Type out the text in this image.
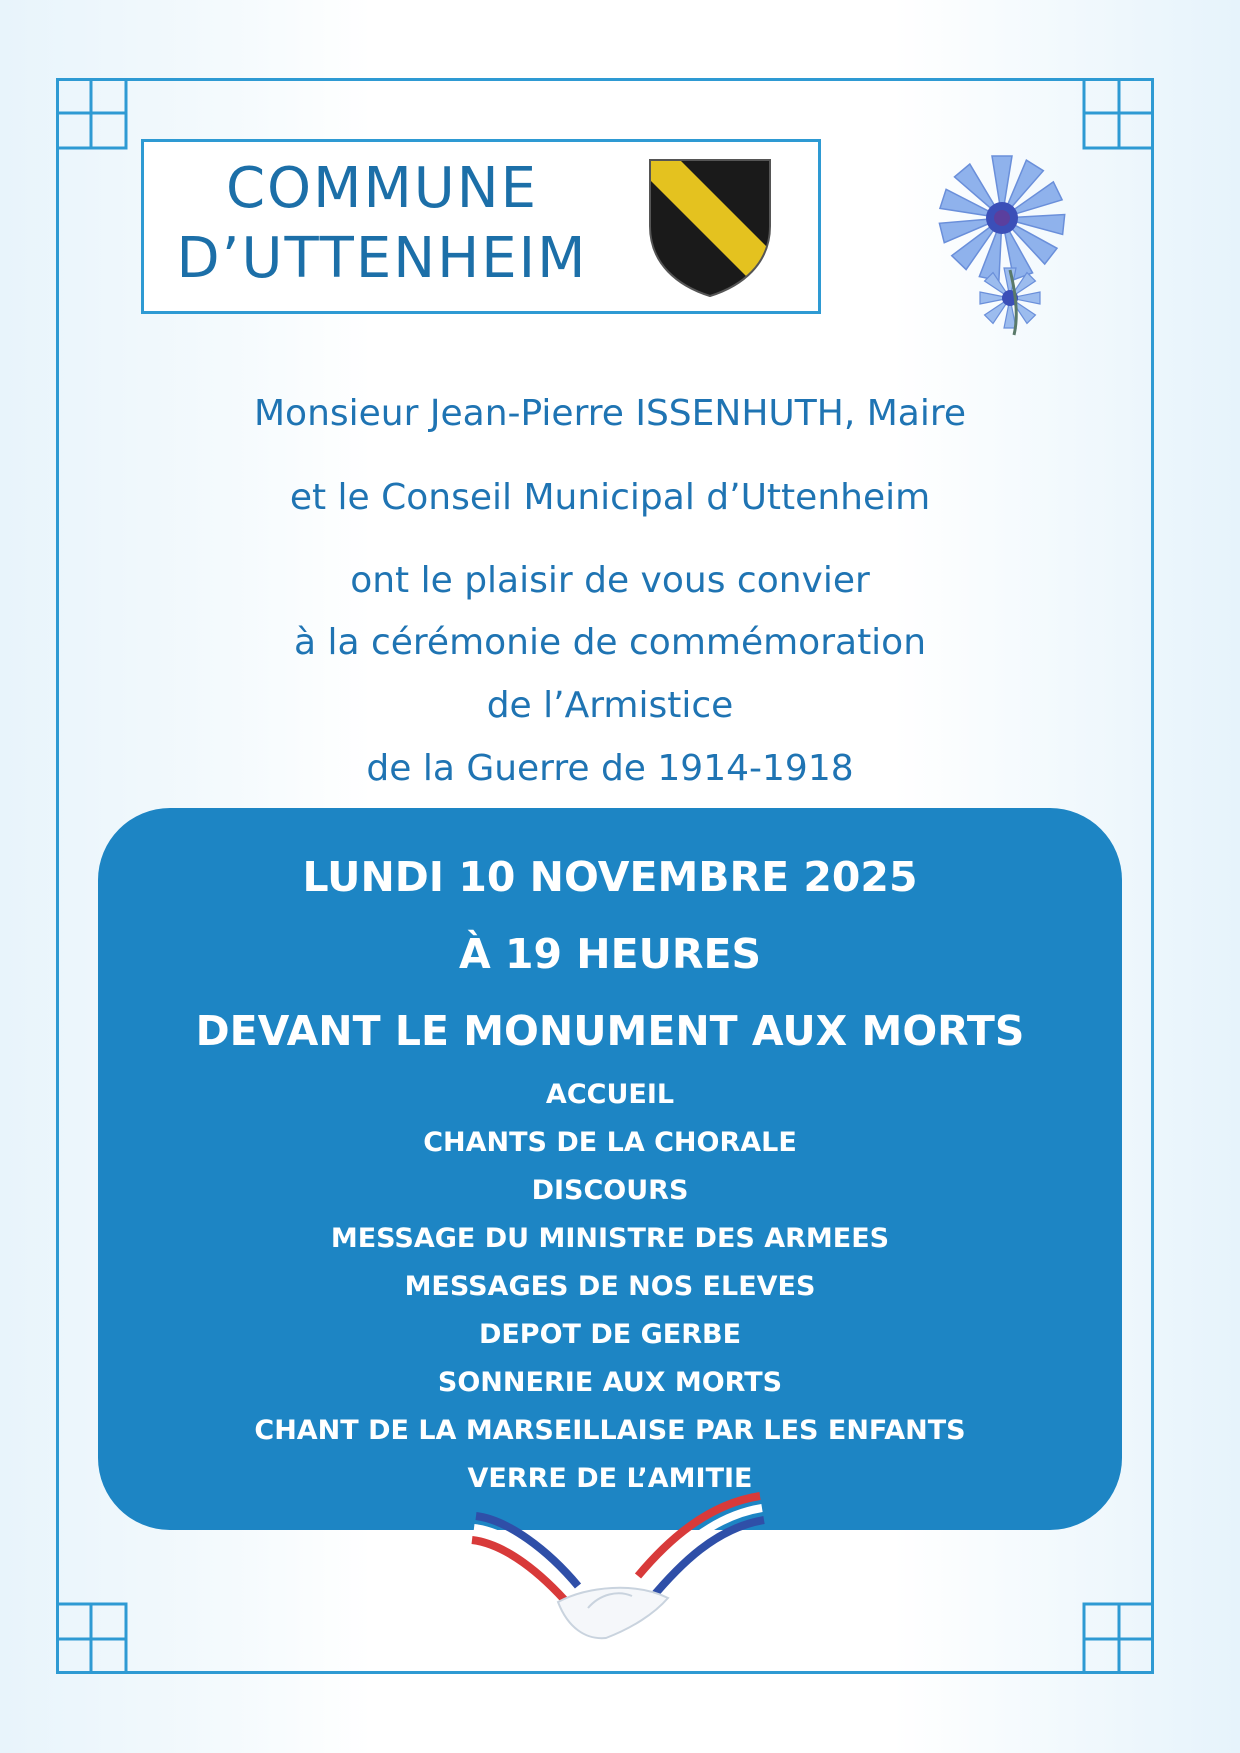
COMMUNE
D’UTTENHEIM

Monsieur Jean-Pierre ISSENHUTH, Maire

et le Conseil Municipal d’Uttenheim

ont le plaisir de vous convier

à la cérémonie de commémoration

de l’Armistice

de la Guerre de 1914-1918

LUNDI 10 NOVEMBRE 2025

À 19 HEURES

DEVANT LE MONUMENT AUX MORTS

ACCUEIL

CHANTS DE LA CHORALE

DISCOURS

MESSAGE DU MINISTRE DES ARMEES

MESSAGES DE NOS ELEVES

DEPOT DE GERBE

SONNERIE AUX MORTS

CHANT DE LA MARSEILLAISE PAR LES ENFANTS

VERRE DE L’AMITIE
